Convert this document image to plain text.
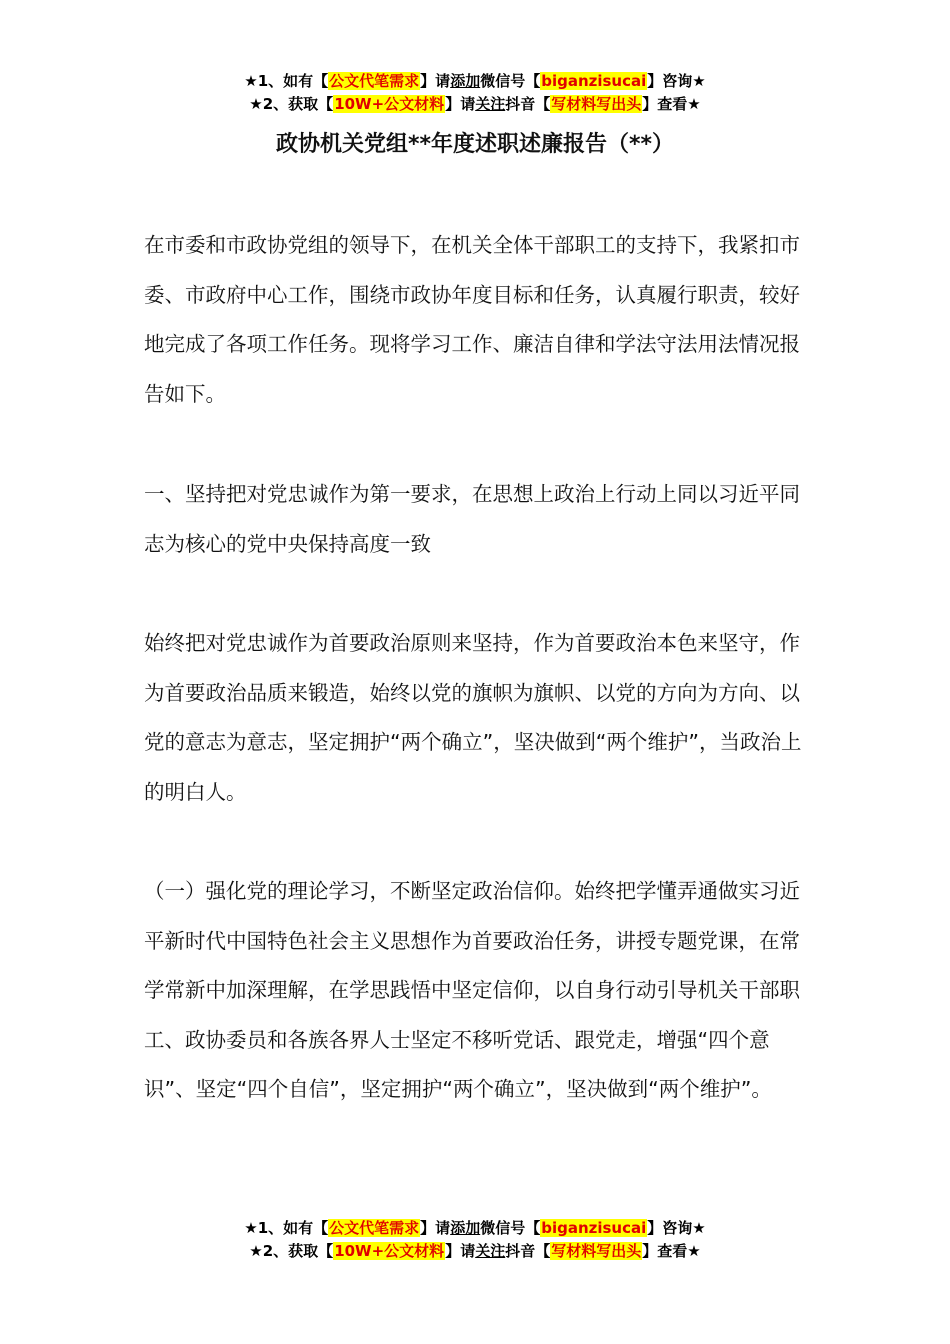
★1、如有【公文代笔需求】请添加微信号【biganzisucai】咨询★
★2、获取【10W+公文材料】请关注抖音【写材料写出头】查看★
政协机关党组**年度述职述廉报告（**）

在市委和市政协党组的领导下，在机关全体干部职工的支持下，我紧扣市委、市政府中心工作，围绕市政协年度目标和任务，认真履行职责，较好地完成了各项工作任务。现将学习工作、廉洁自律和学法守法用法情况报告如下。

一、坚持把对党忠诚作为第一要求，在思想上政治上行动上同以习近平同志为核心的党中央保持高度一致

始终把对党忠诚作为首要政治原则来坚持，作为首要政治本色来坚守，作为首要政治品质来锻造，始终以党的旗帜为旗帜、以党的方向为方向、以党的意志为意志，坚定拥护“两个确立”，坚决做到“两个维护”，当政治上的明白人。

（一）强化党的理论学习，不断坚定政治信仰。始终把学懂弄通做实习近平新时代中国特色社会主义思想作为首要政治任务，讲授专题党课，在常学常新中加深理解，在学思践悟中坚定信仰，以自身行动引导机关干部职工、政协委员和各族各界人士坚定不移听党话、跟党走，增强“四个意识”、坚定“四个自信”，坚定拥护“两个确立”，坚决做到“两个维护”。

★1、如有【公文代笔需求】请添加微信号【biganzisucai】咨询★
★2、获取【10W+公文材料】请关注抖音【写材料写出头】查看★
